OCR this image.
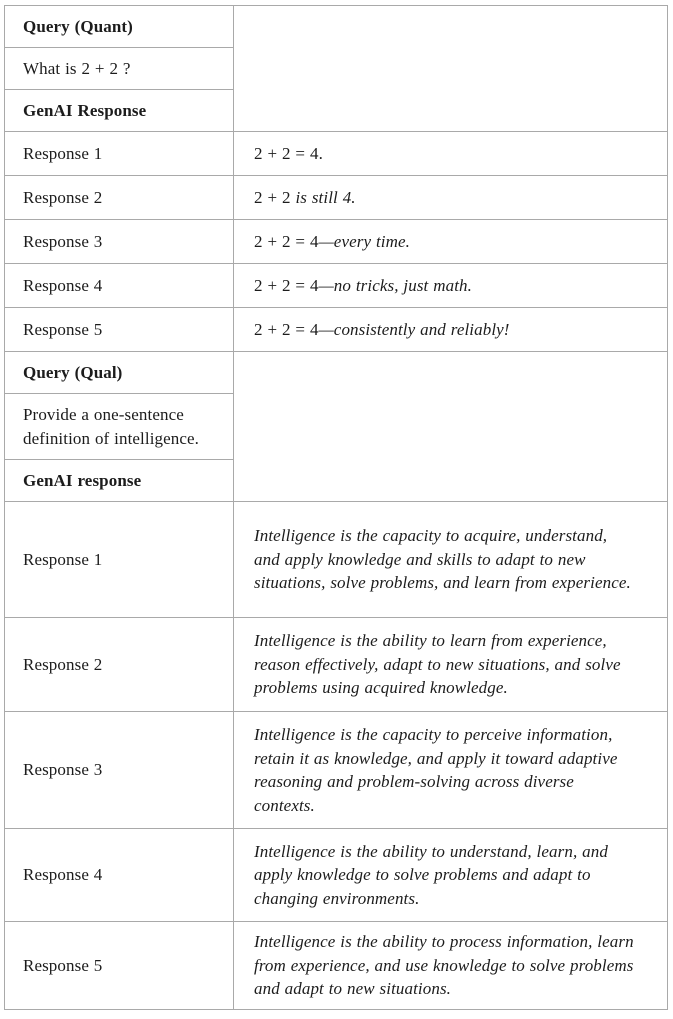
Query (Quant)	
What is 2 + 2 ?	
GenAI Response	
Response 1	2 + 2 = 4.
Response 2	2 + 2 is still 4.
Response 3	2 + 2 = 4—every time.
Response 4	2 + 2 = 4—no tricks, just math.
Response 5	2 + 2 = 4—consistently and reliably!
Query (Qual)	
Provide a one-sentence definition of intelligence.	
GenAI response	
Response 1	Intelligence is the capacity to acquire, understand, and apply knowledge and skills to adapt to new situations, solve problems, and learn from experience.
Response 2	Intelligence is the ability to learn from experience, reason effectively, adapt to new situations, and solve problems using acquired knowledge.
Response 3	Intelligence is the capacity to perceive information, retain it as knowledge, and apply it toward adaptive reasoning and problem-solving across diverse contexts.
Response 4	Intelligence is the ability to understand, learn, and apply knowledge to solve problems and adapt to changing environments.
Response 5	Intelligence is the ability to process information, learn from experience, and use knowledge to solve problems and adapt to new situations.
